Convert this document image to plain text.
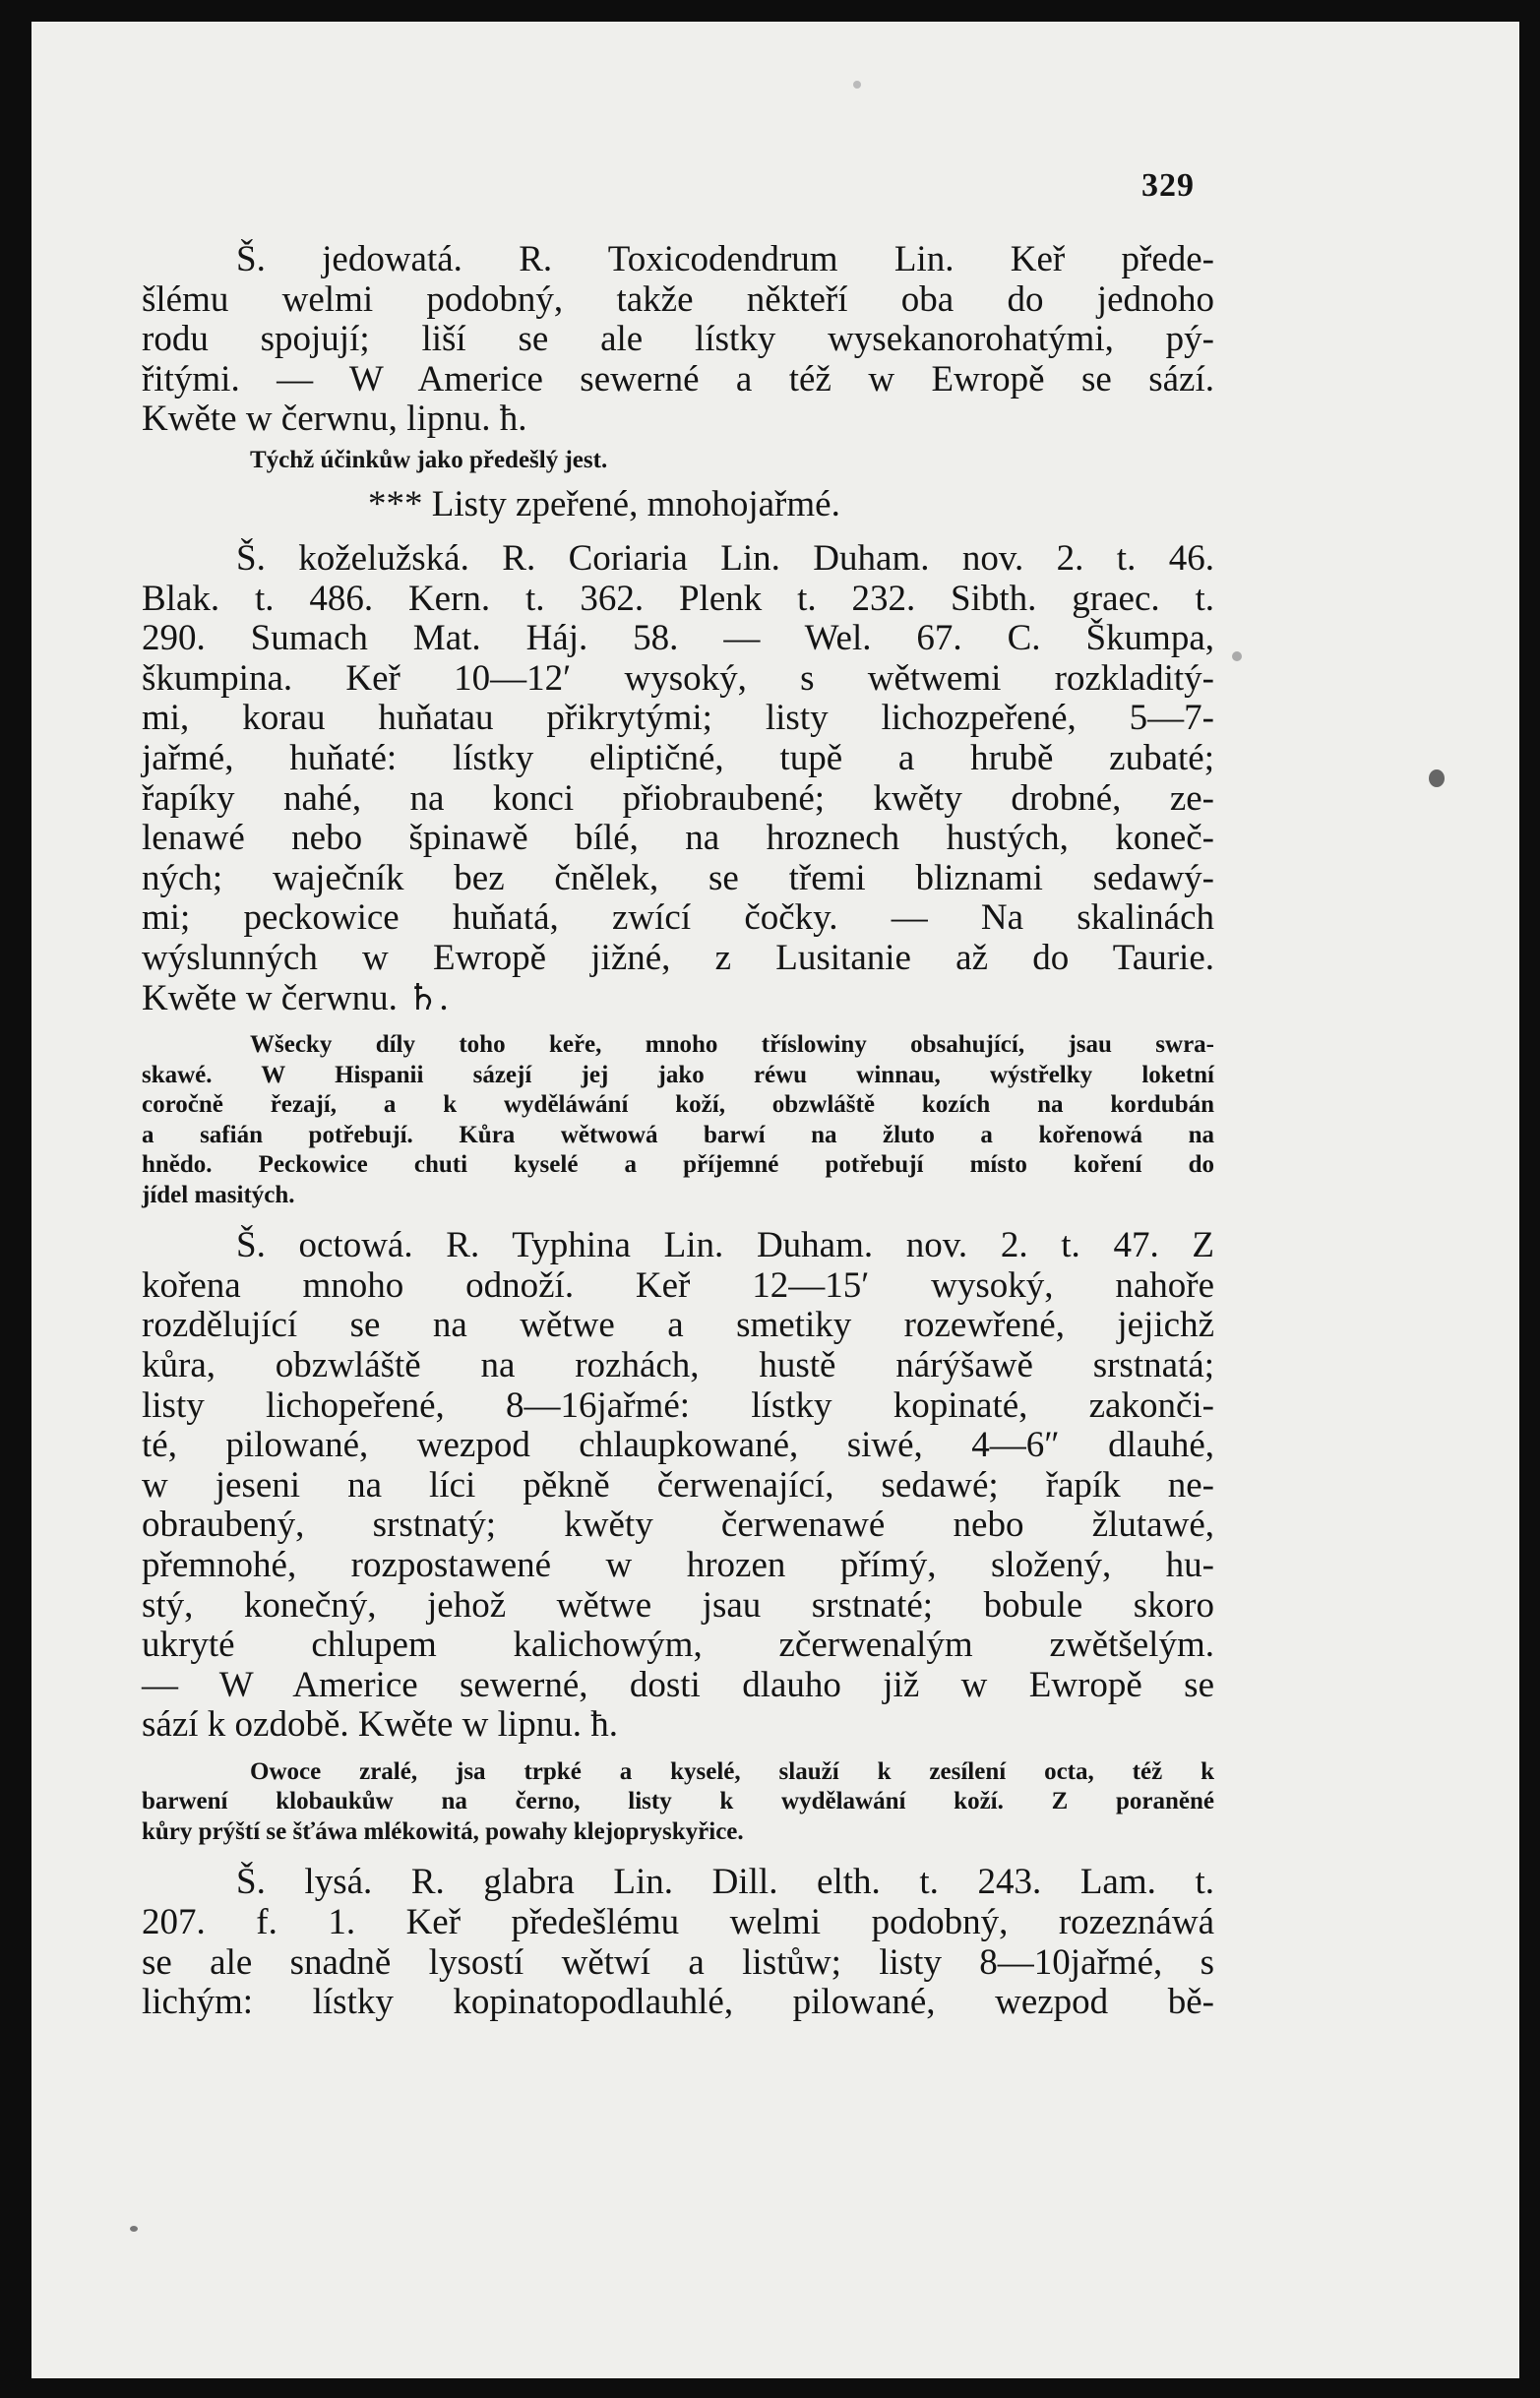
329
Š. jedowatá. R. Toxicodendrum Lin. Keř přede-
šlému welmi podobný, takže někteří oba do jednoho
rodu spojují; liší se ale lístky wysekanorohatými, pý-
řitými. — W Americe sewerné a též w Ewropě se sází.
Kwěte w čerwnu, lipnu. ħ.
Týchž účinkůw jako předešlý jest.
*** Listy zpeřené, mnohojařmé.
Š. koželužská. R. Coriaria Lin. Duham. nov. 2. t. 46.
Blak. t. 486. Kern. t. 362. Plenk t. 232. Sibth. graec. t.
290. Sumach Mat. Háj. 58. — Wel. 67. C. Škumpa,
škumpina. Keř 10—12′ wysoký, s wětwemi rozkladitý-
mi, korau huňatau přikrytými; listy lichozpeřené, 5—7-
jařmé, huňaté: lístky eliptičné, tupě a hrubě zubaté;
řapíky nahé, na konci přiobraubené; kwěty drobné, ze-
lenawé nebo špinawě bílé, na hroznech hustých, koneč-
ných; waječník bez čnělek, se třemi bliznami sedawý-
mi; peckowice huňatá, zwící čočky. — Na skalinách
wýslunných w Ewropě jižné, z Lusitanie až do Taurie.
Kwěte w čerwnu. ♄.
Wšecky díly toho keře, mnoho tříslowiny obsahující, jsau swra-
skawé. W Hispanii sázejí jej jako réwu winnau, wýstřelky loketní
coročně řezají, a k wyděláwání koží, obzwláště kozích na kordubán
a safián potřebují. Kůra wětwowá barwí na žluto a kořenowá na
hnědo. Peckowice chuti kyselé a příjemné potřebují místo koření do
jídel masitých.
Š. octowá. R. Typhina Lin. Duham. nov. 2. t. 47. Z
kořena mnoho odnoží. Keř 12—15′ wysoký, nahoře
rozdělující se na wětwe a smetiky rozewřené, jejichž
kůra, obzwláště na rozhách, hustě nárýšawě srstnatá;
listy lichopeřené, 8—16jařmé: lístky kopinaté, zakonči-
té, pilowané, wezpod chlaupkowané, siwé, 4—6″ dlauhé,
w jeseni na líci pěkně čerwenající, sedawé; řapík ne-
obraubený, srstnatý; kwěty čerwenawé nebo žlutawé,
přemnohé, rozpostawené w hrozen přímý, složený, hu-
stý, konečný, jehož wětwe jsau srstnaté; bobule skoro
ukryté chlupem kalichowým, zčerwenalým zwětšelým.
— W Americe sewerné, dosti dlauho již w Ewropě se
sází k ozdobě. Kwěte w lipnu. ħ.
Owoce zralé, jsa trpké a kyselé, slauží k zesílení octa, též k
barwení klobaukůw na černo, listy k wydělawání koží. Z poraněné
kůry prýští se šťáwa mlékowitá, powahy klejopryskyřice.
Š. lysá. R. glabra Lin. Dill. elth. t. 243. Lam. t.
207. f. 1. Keř předešlému welmi podobný, rozeznáwá
se ale snadně lysostí wětwí a listůw; listy 8—10jařmé, s
lichým: lístky kopinatopodlauhlé, pilowané, wezpod bě-
